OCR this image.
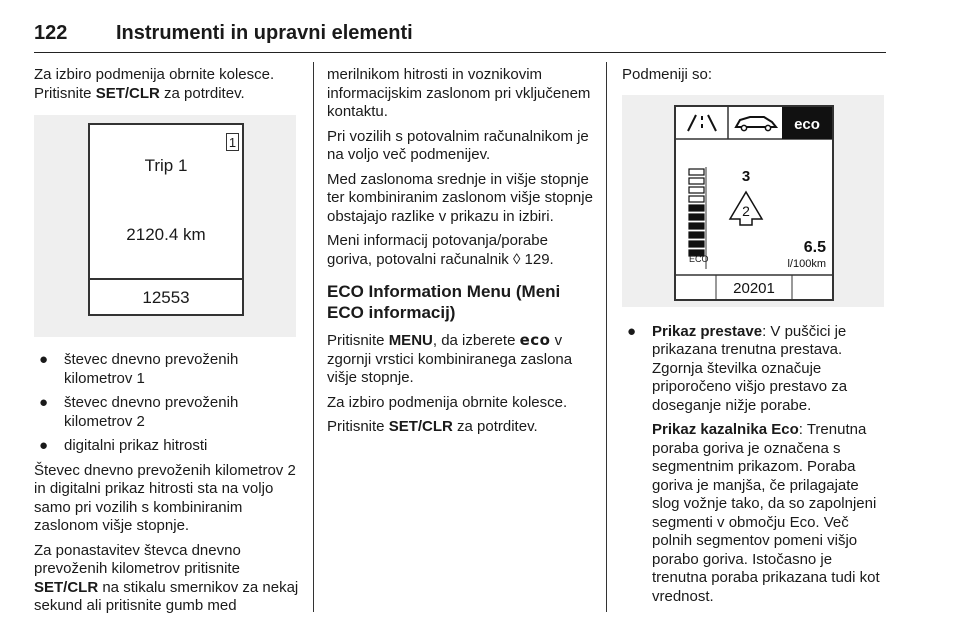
122 Instrumenti in upravni elementi

Za izbiro podmenija obrnite kolesce.
Pritisnite SET/CLR za potrditev.

1
Trip 1
2120.4 km
12553
● števec dnevno prevoženih kilometrov 1
● števec dnevno prevoženih kilometrov 2
● digitalni prikaz hitrosti

Števec dnevno prevoženih kilometrov 2 in digitalni prikaz hitrosti sta na voljo samo pri vozilih s kombiniranim zaslonom višje stopnje.

Za ponastavitev števca dnevno prevoženih kilometrov pritisnite SET/CLR na stikalu smernikov za nekaj sekund ali pritisnite gumb med

merilnikom hitrosti in voznikovim informacijskim zaslonom pri vključenem kontaktu.

Pri vozilih s potovalnim računalnikom je na voljo več podmenijev.

Med zaslonoma srednje in višje stopnje ter kombiniranim zaslonom višje stopnje obstajajo razlike v prikazu in izbiri.

Meni informacij potovanja/porabe goriva, potovalni računalnik ◊ 129.

ECO Information Menu (Meni ECO informacij)

Pritisnite MENU, da izberete eco v zgornji vrstici kombiniranega zaslona višje stopnje.

Za izbiro podmenija obrnite kolesce.

Pritisnite SET/CLR za potrditev.

Podmeniji so:

eco
ECO
3
2
6.5
l/100km
20201
● Prikaz prestave: V puščici je prikazana trenutna prestava. Zgornja številka označuje priporočeno višjo prestavo za doseganje nižje porabe.
Prikaz kazalnika Eco: Trenutna poraba goriva je označena s segmentnim prikazom. Poraba goriva je manjša, če prilagajate slog vožnje tako, da so zapolnjeni segmenti v območju Eco. Več polnih segmentov pomeni višjo porabo goriva. Istočasno je trenutna poraba prikazana tudi kot vrednost.
